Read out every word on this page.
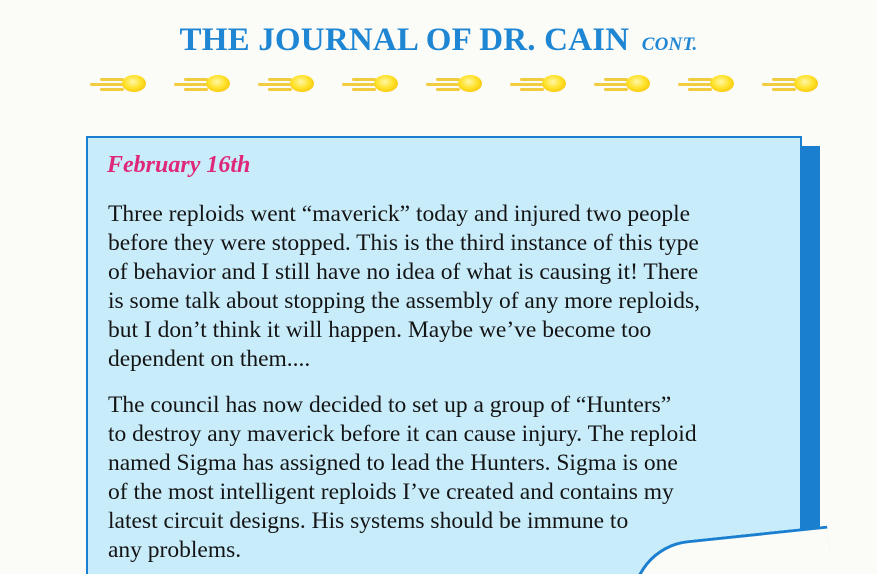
THE JOURNAL OF DR. CAIN CONT.
February 16th

Three reploids went “maverick” today and injured two people
before they were stopped. This is the third instance of this type
of behavior and I still have no idea of what is causing it! There
is some talk about stopping the assembly of any more reploids,
but I don’t think it will happen. Maybe we’ve become too
dependent on them....

The council has now decided to set up a group of “Hunters”
to destroy any maverick before it can cause injury. The reploid
named Sigma has assigned to lead the Hunters. Sigma is one
of the most intelligent reploids I’ve created and contains my
latest circuit designs. His systems should be immune to
any problems.
